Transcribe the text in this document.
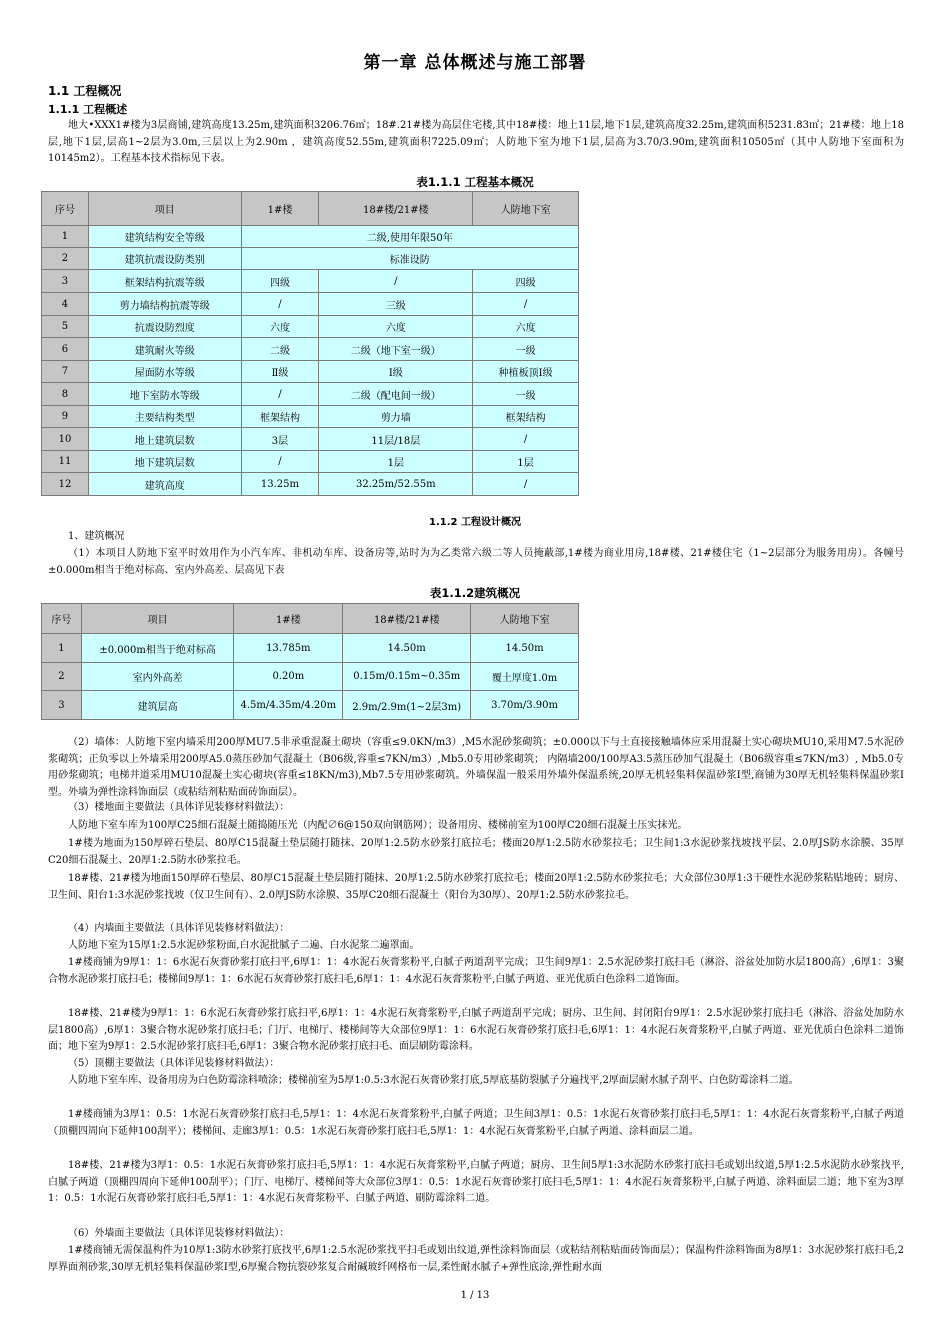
第一章 总体概述与施工部署
1.1 工程概况
1.1.1 工程概述
地大•XXX1#楼为3层商铺,建筑高度13.25m,建筑面积3206.76㎡；18#.21#楼为高层住宅楼,其中18#楼：地上11层,地下1层,建筑高度32.25m,建筑面积5231.83㎡；21#楼：地上18层,地下1层,层高1~2层为3.0m,三层以上为2.90m ，建筑高度52.55m,建筑面积7225.09㎡；人防地下室为地下1层,层高为3.70/3.90m,建筑面积10505㎡（其中人防地下室面积为10145m2）。工程基本技术指标见下表。
表1.1.1 工程基本概况
序号	项目	1#楼	18#楼/21#楼	人防地下室
1	建筑结构安全等级	二级,使用年限50年		
2	建筑抗震设防类别	标准设防		
3	框架结构抗震等级	四级	/	四级
4	剪力墙结构抗震等级	/	三级	/
5	抗震设防烈度	六度	六度	六度
6	建筑耐火等级	二级	二级（地下室一级）	一级
7	屋面防水等级	Ⅱ级	Ⅰ级	种植板顶Ⅰ级
8	地下室防水等级	/	二级（配电间一级）	一级
9	主要结构类型	框架结构	剪力墙	框架结构
10	地上建筑层数	3层	11层/18层	/
11	地下建筑层数	/	1层	1层
12	建筑高度	13.25m	32.25m/52.55m	/
1.1.2 工程设计概况
1、建筑概况
（1）本项目人防地下室平时效用作为小汽车库、非机动车库、设备房等,站时为为乙类常六级二等人员掩蔽部,1#楼为商业用房,18#楼、21#楼住宅（1~2层部分为服务用房）。各幢号±0.000m相当于绝对标高、室内外高差、层高见下表
表1.1.2建筑概况
序号	项目	1#楼	18#楼/21#楼	人防地下室
1	±0.000m相当于绝对标高	13.785m	14.50m	14.50m
2	室内外高差	0.20m	0.15m/0.15m~0.35m	覆土厚度1.0m
3	建筑层高	4.5m/4.35m/4.20m	2.9m/2.9m(1~2层3m)	3.70m/3.90m
（2）墙体：人防地下室内墙采用200厚MU7.5非承重混凝土砌块（容重≤9.0KN/m3）,M5水泥砂浆砌筑；±0.000以下与土直接接触墙体应采用混凝土实心砌块MU10,采用M7.5水泥砂浆砌筑；正负零以上外墙采用200厚A5.0蒸压砂加气混凝土（B06级,容重≤7KN/m3）,Mb5.0专用砂浆砌筑； 内隔墙200/100厚A3.5蒸压砂加气混凝土（B06级容重≤7KN/m3）, Mb5.0专用砂浆砌筑；电梯井道采用MU10混凝土实心砌块(容重≤18KN/m3),Mb7.5专用砂浆砌筑。外墙保温一般采用外墙外保温系统,20厚无机轻集料保温砂浆I型,商铺为30厚无机轻集料保温砂浆I型。外墙为弹性涂料饰面层（或粘结剂粘贴面砖饰面层）。
（3）楼地面主要做法（具体详见装修材料做法）：
人防地下室车库为100厚C25细石混凝土随捣随压光（内配∅6@150双向钢筋网）；设备用房、楼梯前室为100厚C20细石混凝土压实抹光。
1#楼为地面为150厚碎石垫层、80厚C15混凝土垫层随打随抹、20厚1:2.5防水砂浆打底拉毛；楼面20厚1:2.5防水砂浆拉毛；卫生间1:3水泥砂浆找坡找平层、2.0厚JS防水涂膜、35厚C20细石混凝土、20厚1:2.5防水砂浆拉毛。
18#楼、21#楼为地面150厚碎石垫层、80厚C15混凝土垫层随打随抹、20厚1:2.5防水砂浆打底拉毛；楼面20厚1:2.5防水砂浆拉毛；大众部位30厚1:3干硬性水泥砂浆粘贴地砖；厨房、卫生间、阳台1:3水泥砂浆找坡（仅卫生间有）、2.0厚JS防水涂膜、35厚C20细石混凝土（阳台为30厚）、20厚1:2.5防水砂浆拉毛。
（4）内墙面主要做法（具体详见装修材料做法）：
人防地下室为15厚1:2.5水泥砂浆粉面,白水泥批腻子二遍、白水泥浆二遍罩面。
1#楼商铺为9厚1：1：6水泥石灰膏砂浆打底扫平,6厚1：1：4水泥石灰膏浆粉平,白腻子两道刮平完成；卫生间9厚1：2.5水泥砂浆打底扫毛（淋浴、浴盆处加防水层1800高）,6厚1：3聚合物水泥砂浆打底扫毛；楼梯间9厚1：1：6水泥石灰膏砂浆打底扫毛,6厚1：1：4水泥石灰膏浆粉平,白腻子两道、亚光优质白色涂料二道饰面。
18#楼、21#楼为9厚1：1：6水泥石灰膏砂浆打底扫平,6厚1：1：4水泥石灰膏浆粉平,白腻子两道刮平完成；厨房、卫生间、封闭阳台9厚1：2.5水泥砂浆打底扫毛（淋浴、浴盆处加防水层1800高）,6厚1：3聚合物水泥砂浆打底扫毛；门厅、电梯厅、楼梯间等大众部位9厚1：1：6水泥石灰膏砂浆打底扫毛,6厚1：1：4水泥石灰膏浆粉平,白腻子两道、亚光优质白色涂料二道饰面；地下室为9厚1：2.5水泥砂浆打底扫毛,6厚1：3聚合物水泥砂浆打底扫毛、面层刷防霉涂料。
（5）顶棚主要做法（具体详见装修材料做法）：
人防地下室车库、设备用房为白色防霉涂料喷涂；楼梯前室为5厚1:0.5:3水泥石灰膏砂浆打底,5厚底基防裂腻子分遍找平,2厚面层耐水腻子刮平、白色防霉涂料二道。
1#楼商铺为3厚1：0.5：1水泥石灰膏砂浆打底扫毛,5厚1：1：4水泥石灰膏浆粉平,白腻子两道；卫生间3厚1：0.5：1水泥石灰膏砂浆打底扫毛,5厚1：1：4水泥石灰膏浆粉平,白腻子两道（顶棚四周向下延伸100刮平）；楼梯间、走廊3厚1：0.5：1水泥石灰膏砂浆打底扫毛,5厚1：1：4水泥石灰膏浆粉平,白腻子两道、涂料面层二道。
18#楼、21#楼为3厚1：0.5：1水泥石灰膏砂浆打底扫毛,5厚1：1：4水泥石灰膏浆粉平,白腻子两道；厨房、卫生间5厚1:3水泥防水砂浆打底扫毛或划出纹道,5厚1:2.5水泥防水砂浆找平,白腻子两道（顶棚四周向下延伸100刮平）；门厅、电梯厅、楼梯间等大众部位3厚1：0.5：1水泥石灰膏砂浆打底扫毛,5厚1：1：4水泥石灰膏浆粉平,白腻子两道、涂料面层二道；地下室为3厚1：0.5：1水泥石灰膏砂浆打底扫毛,5厚1：1：4水泥石灰膏浆粉平、白腻子两道、刷防霉涂料二道。
（6）外墙面主要做法（具体详见装修材料做法）：
1#楼商铺无需保温构件为10厚1:3防水砂浆打底找平,6厚1:2.5水泥砂浆找平扫毛或划出纹道,弹性涂料饰面层（或粘结剂粘贴面砖饰面层）；保温构件涂料饰面为8厚1：3水泥砂浆打底扫毛,2厚界面剂砂浆,30厚无机轻集料保温砂浆I型,6厚聚合物抗裂砂浆复合耐碱玻纤网格布一层,柔性耐水腻子+弹性底涂,弹性耐水面
1 / 13
